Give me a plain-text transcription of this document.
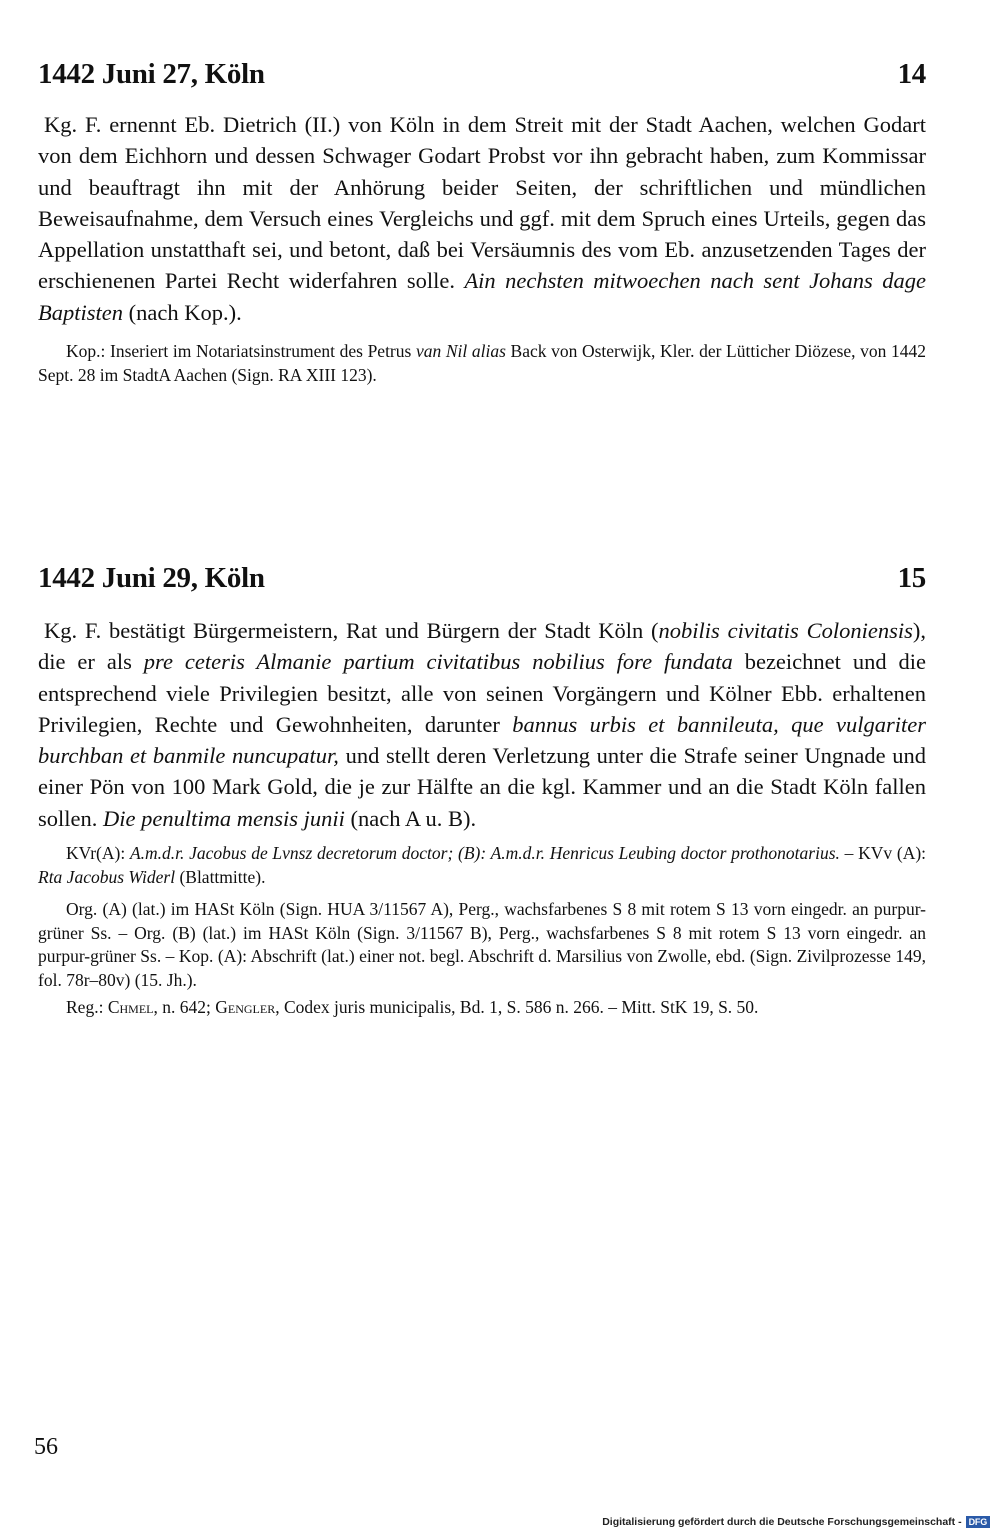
1442 Juni 27, Köln	14

Kg. F. ernennt Eb. Dietrich (II.) von Köln in dem Streit mit der Stadt Aachen, welchen Godart von dem Eichhorn und dessen Schwager Godart Probst vor ihn gebracht haben, zum Kommissar und beauftragt ihn mit der Anhörung beider Seiten, der schriftlichen und mündlichen Beweisaufnahme, dem Versuch eines Vergleichs und ggf. mit dem Spruch eines Urteils, gegen das Appellation unstatthaft sei, und betont, daß bei Versäumnis des vom Eb. anzusetzenden Tages der erschienenen Partei Recht widerfahren solle. Ain nechsten mitwoechen nach sent Johans dage Baptisten (nach Kop.).

Kop.: Inseriert im Notariatsinstrument des Petrus van Nil alias Back von Osterwijk, Kler. der Lütticher Diözese, von 1442 Sept. 28 im StadtA Aachen (Sign. RA XIII 123).

1442 Juni 29, Köln	15

Kg. F. bestätigt Bürgermeistern, Rat und Bürgern der Stadt Köln (nobilis civitatis Coloniensis), die er als pre ceteris Almanie partium civitatibus nobilius fore fundata bezeichnet und die entsprechend viele Privilegien besitzt, alle von seinen Vorgängern und Kölner Ebb. erhaltenen Privilegien, Rechte und Gewohnheiten, darunter bannus urbis et bannileuta, que vulgariter burchban et banmile nuncupatur, und stellt deren Verletzung unter die Strafe seiner Ungnade und einer Pön von 100 Mark Gold, die je zur Hälfte an die kgl. Kammer und an die Stadt Köln fallen sollen. Die penultima mensis junii (nach A u. B).

KVr(A): A.m.d.r. Jacobus de Lvnsz decretorum doctor; (B): A.m.d.r. Henricus Leubing doctor prothonotarius. – KVv (A): Rta Jacobus Widerl (Blattmitte).

Org. (A) (lat.) im HASt Köln (Sign. HUA 3/11567 A), Perg., wachsfarbenes S 8 mit rotem S 13 vorn eingedr. an purpur-grüner Ss. – Org. (B) (lat.) im HASt Köln (Sign. 3/11567 B), Perg., wachsfarbenes S 8 mit rotem S 13 vorn eingedr. an purpur-grüner Ss. – Kop. (A): Abschrift (lat.) einer not. begl. Abschrift d. Marsilius von Zwolle, ebd. (Sign. Zivilprozesse 149, fol. 78r–80v) (15. Jh.).

Reg.: Chmel, n. 642; Gengler, Codex juris municipalis, Bd. 1, S. 586 n. 266. – Mitt. StK 19, S. 50.

56
Digitalisierung gefördert durch die Deutsche Forschungsgemeinschaft - DFG
